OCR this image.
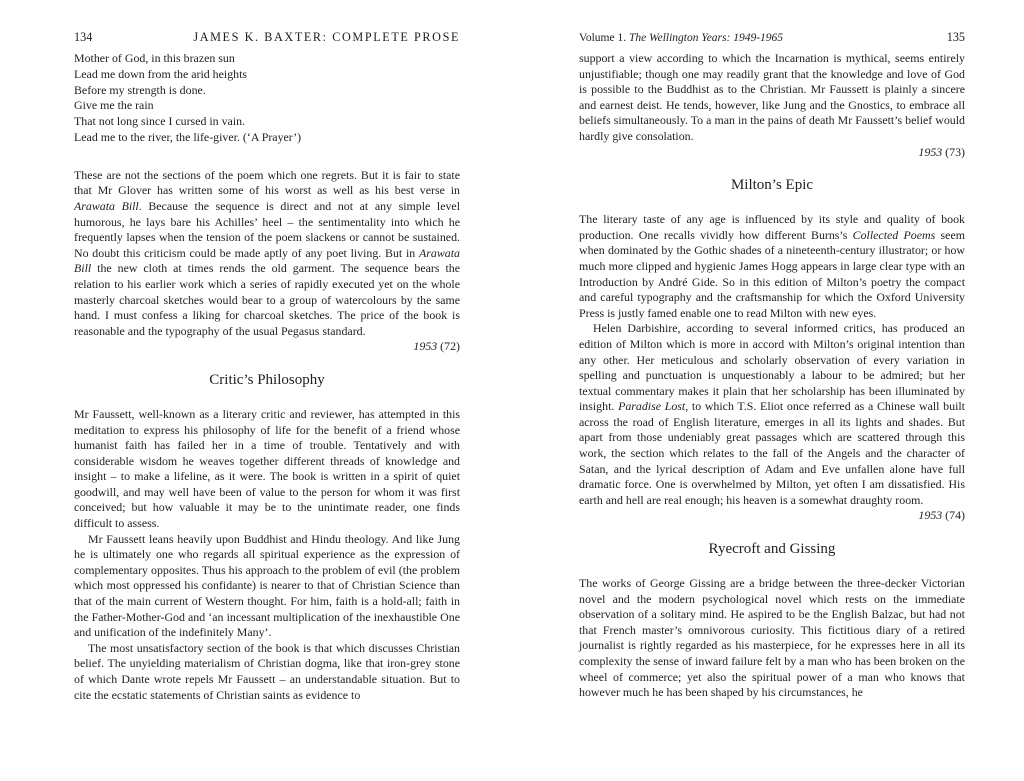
134	JAMES K. BAXTER: COMPLETE PROSE
Mother of God, in this brazen sun
Lead me down from the arid heights
Before my strength is done.
Give me the rain
That not long since I cursed in vain.
Lead me to the river, the life-giver. (‘A Prayer’)

These are not the sections of the poem which one regrets. But it is fair to state that Mr Glover has written some of his worst as well as his best verse in Arawata Bill. Because the sequence is direct and not at any simple level humorous, he lays bare his Achilles’ heel – the sentimentality into which he frequently lapses when the tension of the poem slackens or cannot be sustained. No doubt this criticism could be made aptly of any poet living. But in Arawata Bill the new cloth at times rends the old garment. The sequence bears the relation to his earlier work which a series of rapidly executed yet on the whole masterly charcoal sketches would bear to a group of watercolours by the same hand. I must confess a liking for charcoal sketches. The price of the book is reasonable and the typography of the usual Pegasus standard.

1953 (72)

Critic’s Philosophy

Mr Faussett, well-known as a literary critic and reviewer, has attempted in this meditation to express his philosophy of life for the benefit of a friend whose humanist faith has failed her in a time of trouble. Tentatively and with considerable wisdom he weaves together different threads of knowledge and insight – to make a lifeline, as it were. The book is written in a spirit of quiet goodwill, and may well have been of value to the person for whom it was first conceived; but how valuable it may be to the unintimate reader, one finds difficult to assess.

Mr Faussett leans heavily upon Buddhist and Hindu theology. And like Jung he is ultimately one who regards all spiritual experience as the expression of complementary opposites. Thus his approach to the problem of evil (the problem which most oppressed his confidante) is nearer to that of Christian Science than that of the main current of Western thought. For him, faith is a hold-all; faith in the Father-Mother-God and ‘an incessant multiplication of the inexhaustible One and unification of the indefinitely Many’.

The most unsatisfactory section of the book is that which discusses Christian belief. The unyielding materialism of Christian dogma, like that iron-grey stone of which Dante wrote repels Mr Faussett – an understandable situation. But to cite the ecstatic statements of Christian saints as evidence to

Volume 1. The Wellington Years: 1949-1965	135

support a view according to which the Incarnation is mythical, seems entirely unjustifiable; though one may readily grant that the knowledge and love of God is possible to the Buddhist as to the Christian. Mr Faussett is plainly a sincere and earnest deist. He tends, however, like Jung and the Gnostics, to embrace all beliefs simultaneously. To a man in the pains of death Mr Faussett’s belief would hardly give consolation.

1953 (73)

Milton’s Epic

The literary taste of any age is influenced by its style and quality of book production. One recalls vividly how different Burns’s Collected Poems seem when dominated by the Gothic shades of a nineteenth-century illustrator; or how much more clipped and hygienic James Hogg appears in large clear type with an Introduction by André Gide. So in this edition of Milton’s poetry the compact and careful typography and the craftsmanship for which the Oxford University Press is justly famed enable one to read Milton with new eyes.

Helen Darbishire, according to several informed critics, has produced an edition of Milton which is more in accord with Milton’s original intention than any other. Her meticulous and scholarly observation of every variation in spelling and punctuation is unquestionably a labour to be admired; but her textual commentary makes it plain that her scholarship has been illuminated by insight. Paradise Lost, to which T.S. Eliot once referred as a Chinese wall built across the road of English literature, emerges in all its lights and shades. But apart from those undeniably great passages which are scattered through this work, the section which relates to the fall of the Angels and the character of Satan, and the lyrical description of Adam and Eve unfallen alone have full dramatic force. One is overwhelmed by Milton, yet often I am dissatisfied. His earth and hell are real enough; his heaven is a somewhat draughty room.

1953 (74)

Ryecroft and Gissing

The works of George Gissing are a bridge between the three-decker Victorian novel and the modern psychological novel which rests on the immediate observation of a solitary mind. He aspired to be the English Balzac, but had not that French master’s omnivorous curiosity. This fictitious diary of a retired journalist is rightly regarded as his masterpiece, for he expresses here in all its complexity the sense of inward failure felt by a man who has been broken on the wheel of commerce; yet also the spiritual power of a man who knows that however much he has been shaped by his circumstances, he
